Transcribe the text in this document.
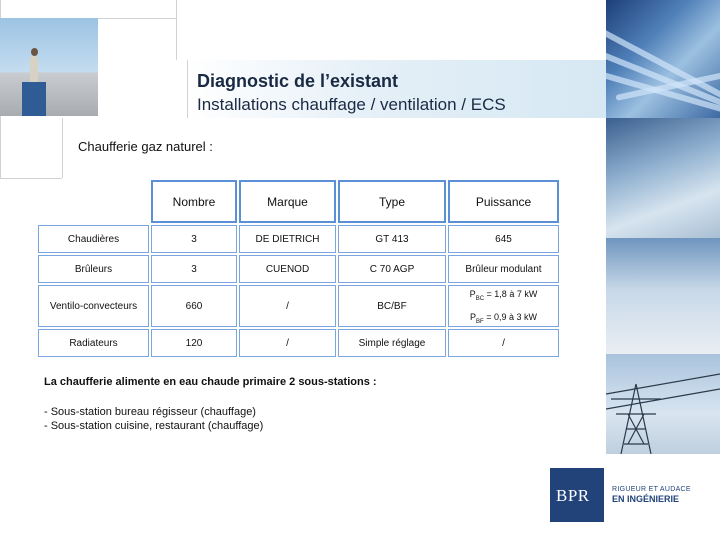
Diagnostic de l’existant
Installations chauffage / ventilation / ECS
Chaufferie gaz naturel :
BPR	RIGUEUR ET AUDACE
EN INGÉNIERIE
	Nombre	Marque	Type	Puissance
Chaudières	3	DE DIETRICH	GT 413	645
Brûleurs	3	CUENOD	C 70 AGP	Brûleur modulant
Ventilo-convecteurs	660	/	BC/BF	$P_{BC} = 1,8$ à 7 kW
$P_{BF} = 0,9$ à 3 kW

Radiateurs	120	/	Simple réglage	/
La chaufferie alimente en eau chaude primaire 2 sous-stations :
- Sous-station bureau régisseur (chauffage)
- Sous-station cuisine, restaurant (chauffage)
